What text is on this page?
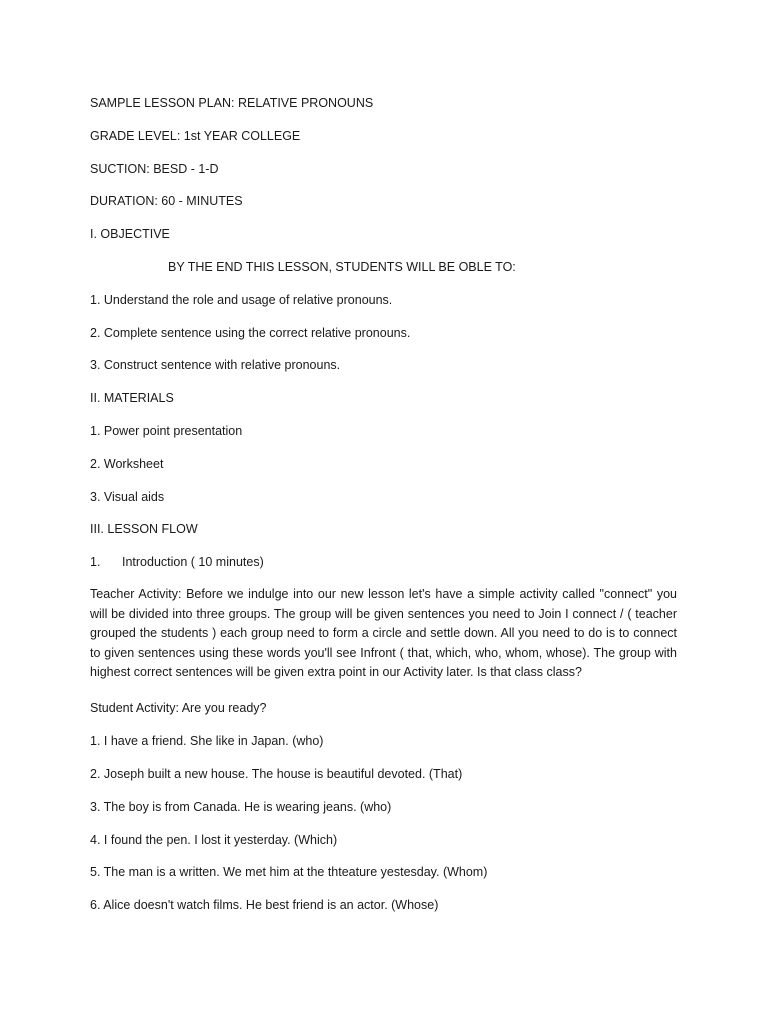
SAMPLE LESSON PLAN: RELATIVE PRONOUNS
GRADE LEVEL: 1st YEAR COLLEGE
SUCTION: BESD - 1-D
DURATION: 60 - MINUTES
I. OBJECTIVE
BY THE END THIS LESSON, STUDENTS WILL BE OBLE TO:
1. Understand the role and usage of relative pronouns.
2. Complete sentence using the correct relative pronouns.
3. Construct sentence with relative pronouns.
II. MATERIALS
1. Power point presentation
2. Worksheet
3. Visual aids
III. LESSON FLOW
1. Introduction ( 10 minutes)
Teacher Activity: Before we indulge into our new lesson let's have a simple activity called "connect" you will be divided into three groups. The group will be given sentences you need to Join I connect / ( teacher grouped the students ) each group need to form a circle and settle down. All you need to do is to connect to given sentences using these words you'll see Infront ( that, which, who, whom, whose). The group with highest correct sentences will be given extra point in our Activity later. Is that class class?
Student Activity: Are you ready?
1. I have a friend. She like in Japan. (who)
2. Joseph built a new house. The house is beautiful devoted. (That)
3. The boy is from Canada. He is wearing jeans. (who)
4. I found the pen. I lost it yesterday. (Which)
5. The man is a written. We met him at the thteature yestesday. (Whom)
6. Alice doesn't watch films. He best friend is an actor. (Whose)
